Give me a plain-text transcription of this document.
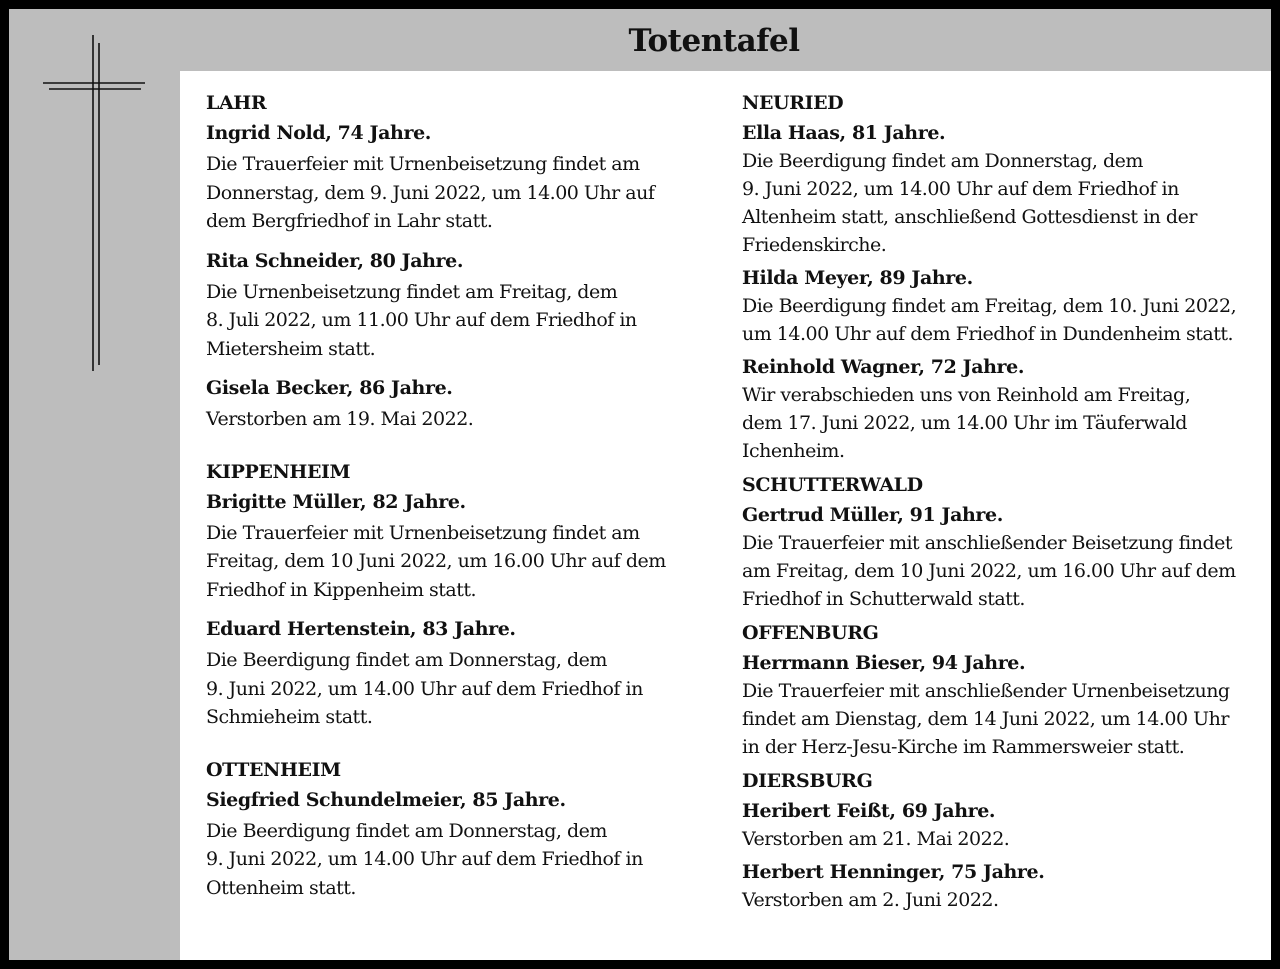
Totentafel
LAHR
Ingrid Nold, 74 Jahre.
Die Trauerfeier mit Urnenbeisetzung findet am
Donnerstag, dem 9. Juni 2022, um 14.00 Uhr auf
dem Bergfriedhof in Lahr statt.
Rita Schneider, 80 Jahre.
Die Urnenbeisetzung findet am Freitag, dem
8. Juli 2022, um 11.00 Uhr auf dem Friedhof in
Mietersheim statt.
Gisela Becker, 86 Jahre.
Verstorben am 19. Mai 2022.
KIPPENHEIM
Brigitte Müller, 82 Jahre.
Die Trauerfeier mit Urnenbeisetzung findet am
Freitag, dem 10 Juni 2022, um 16.00 Uhr auf dem
Friedhof in Kippenheim statt.
Eduard Hertenstein, 83 Jahre.
Die Beerdigung findet am Donnerstag, dem
9. Juni 2022, um 14.00 Uhr auf dem Friedhof in
Schmieheim statt.
OTTENHEIM
Siegfried Schundelmeier, 85 Jahre.
Die Beerdigung findet am Donnerstag, dem
9. Juni 2022, um 14.00 Uhr auf dem Friedhof in
Ottenheim statt.
NEURIED
Ella Haas, 81 Jahre.
Die Beerdigung findet am Donnerstag, dem
9. Juni 2022, um 14.00 Uhr auf dem Friedhof in
Altenheim statt, anschließend Gottesdienst in der
Friedenskirche.
Hilda Meyer, 89 Jahre.
Die Beerdigung findet am Freitag, dem 10. Juni 2022,
um 14.00 Uhr auf dem Friedhof in Dundenheim statt.
Reinhold Wagner, 72 Jahre.
Wir verabschieden uns von Reinhold am Freitag,
dem 17. Juni 2022, um 14.00 Uhr im Täuferwald
Ichenheim.
SCHUTTERWALD
Gertrud Müller, 91 Jahre.
Die Trauerfeier mit anschließender Beisetzung findet
am Freitag, dem 10 Juni 2022, um 16.00 Uhr auf dem
Friedhof in Schutterwald statt.
OFFENBURG
Herrmann Bieser, 94 Jahre.
Die Trauerfeier mit anschließender Urnenbeisetzung
findet am Dienstag, dem 14 Juni 2022, um 14.00 Uhr
in der Herz-Jesu-Kirche im Rammersweier statt.
DIERSBURG
Heribert Feißt, 69 Jahre.
Verstorben am 21. Mai 2022.
Herbert Henninger, 75 Jahre.
Verstorben am 2. Juni 2022.
